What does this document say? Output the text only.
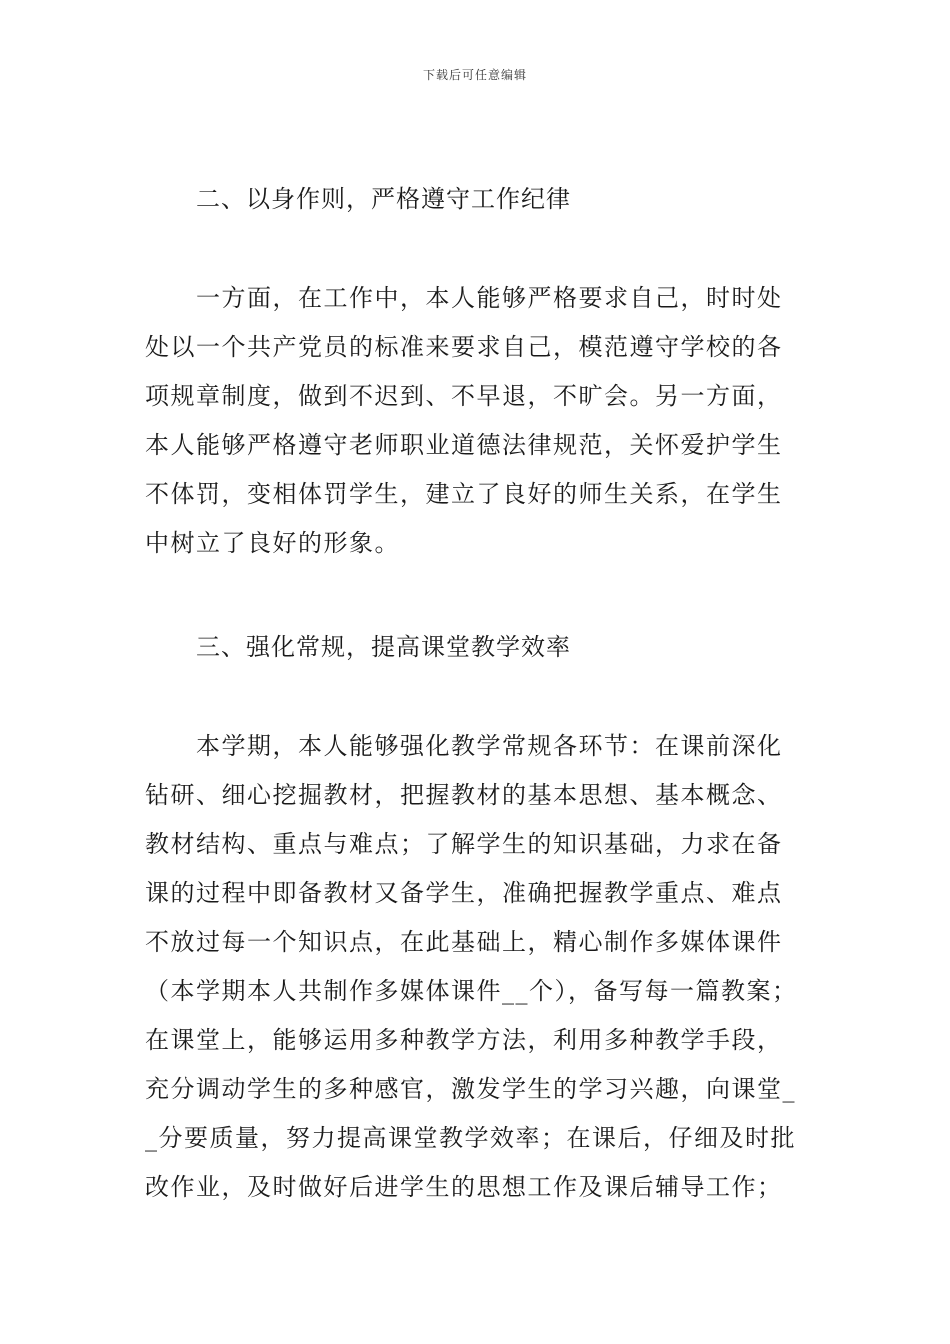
下载后可任意编辑
二、以身作则，严格遵守工作纪律
一方面，在工作中，本人能够严格要求自己，时时处
处以一个共产党员的标准来要求自己，模范遵守学校的各
项规章制度，做到不迟到、不早退，不旷会。另一方面，
本人能够严格遵守老师职业道德法律规范，关怀爱护学生
不体罚，变相体罚学生，建立了良好的师生关系，在学生
中树立了良好的形象。
三、强化常规，提高课堂教学效率
本学期，本人能够强化教学常规各环节：在课前深化
钻研、细心挖掘教材，把握教材的基本思想、基本概念、
教材结构、重点与难点；了解学生的知识基础，力求在备
课的过程中即备教材又备学生，准确把握教学重点、难点
不放过每一个知识点，在此基础上，精心制作多媒体课件
（本学期本人共制作多媒体课件__个），备写每一篇教案；
在课堂上，能够运用多种教学方法，利用多种教学手段，
充分调动学生的多种感官，激发学生的学习兴趣，向课堂_
_分要质量，努力提高课堂教学效率；在课后，仔细及时批
改作业，及时做好后进学生的思想工作及课后辅导工作；
